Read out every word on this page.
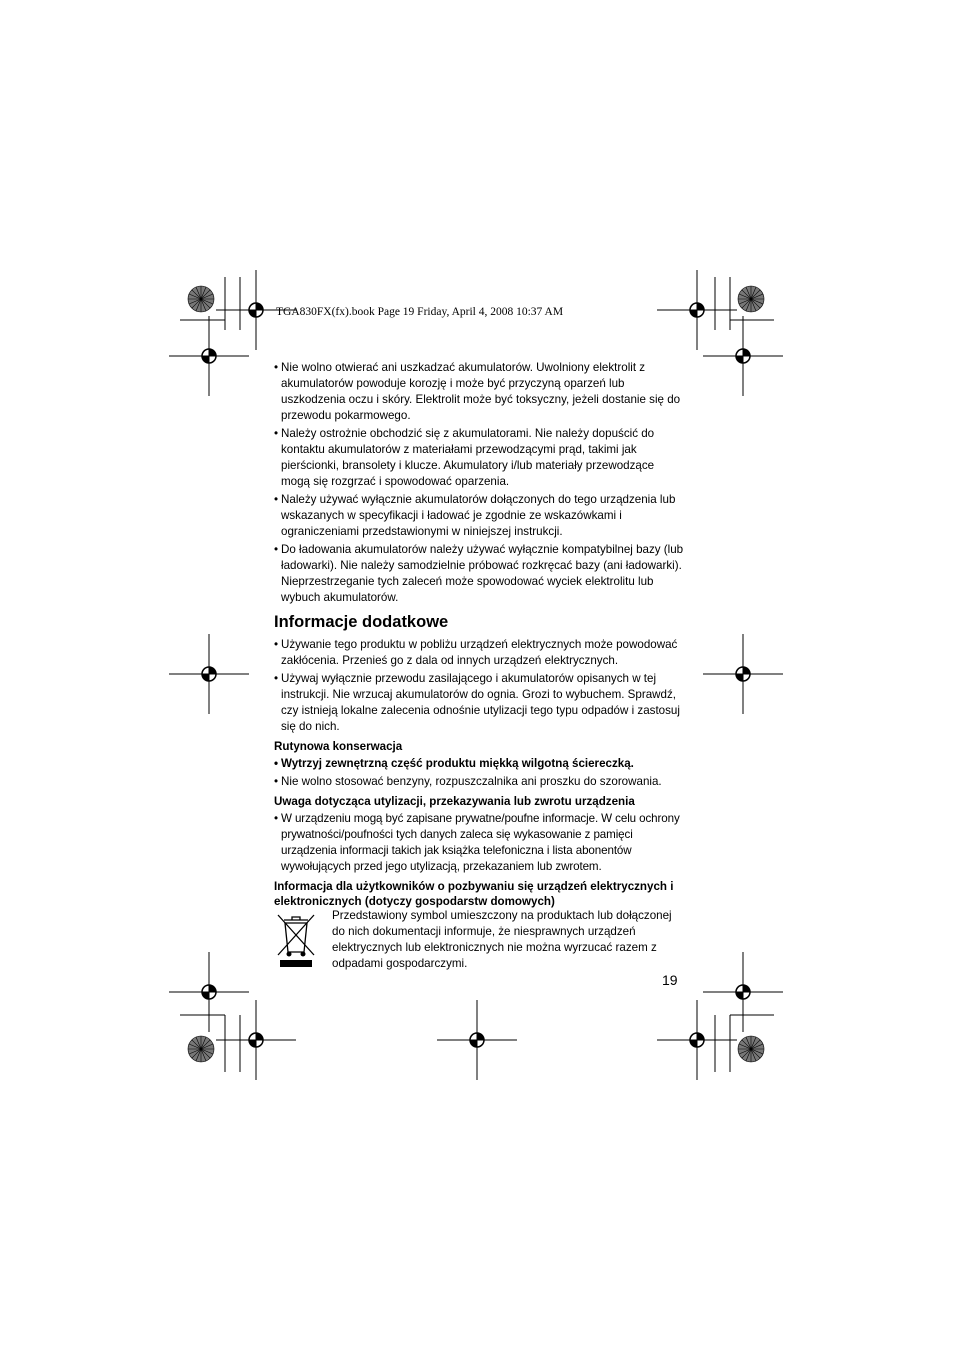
TGA830FX(fx).book Page 19 Friday, April 4, 2008 10:37 AM
• Nie wolno otwierać ani uszkadzać akumulatorów. Uwolniony elektrolit z akumulatorów powoduje korozję i może być przyczyną oparzeń lub uszkodzenia oczu i skóry. Elektrolit może być toksyczny, jeżeli dostanie się do przewodu pokarmowego.
• Należy ostrożnie obchodzić się z akumulatorami. Nie należy dopuścić do kontaktu akumulatorów z materiałami przewodzącymi prąd, takimi jak pierścionki, bransolety i klucze. Akumulatory i/lub materiały przewodzące mogą się rozgrzać i spowodować oparzenia.
• Należy używać wyłącznie akumulatorów dołączonych do tego urządzenia lub wskazanych w specyfikacji i ładować je zgodnie ze wskazówkami i ograniczeniami przedstawionymi w niniejszej instrukcji.
• Do ładowania akumulatorów należy używać wyłącznie kompatybilnej bazy (lub ładowarki). Nie należy samodzielnie próbować rozkręcać bazy (ani ładowarki). Nieprzestrzeganie tych zaleceń może spowodować wyciek elektrolitu lub wybuch akumulatorów.
Informacje dodatkowe
• Używanie tego produktu w pobliżu urządzeń elektrycznych może powodować zakłócenia. Przenieś go z dala od innych urządzeń elektrycznych.
• Używaj wyłącznie przewodu zasilającego i akumulatorów opisanych w tej instrukcji. Nie wrzucaj akumulatorów do ognia. Grozi to wybuchem. Sprawdź, czy istnieją lokalne zalecenia odnośnie utylizacji tego typu odpadów i zastosuj się do nich.
Rutynowa konserwacja
• Wytrzyj zewnętrzną część produktu miękką wilgotną ściereczką.
• Nie wolno stosować benzyny, rozpuszczalnika ani proszku do szorowania.
Uwaga dotycząca utylizacji, przekazywania lub zwrotu urządzenia
• W urządzeniu mogą być zapisane prywatne/poufne informacje. W celu ochrony prywatności/poufności tych danych zaleca się wykasowanie z pamięci urządzenia informacji takich jak książka telefoniczna i lista abonentów wywołujących przed jego utylizacją, przekazaniem lub zwrotem.
Informacja dla użytkowników o pozbywaniu się urządzeń elektrycznych i elektronicznych (dotyczy gospodarstw domowych)
Przedstawiony symbol umieszczony na produktach lub dołączonej do nich dokumentacji informuje, że niesprawnych urządzeń elektrycznych lub elektronicznych nie można wyrzucać razem z odpadami gospodarczymi.
19
